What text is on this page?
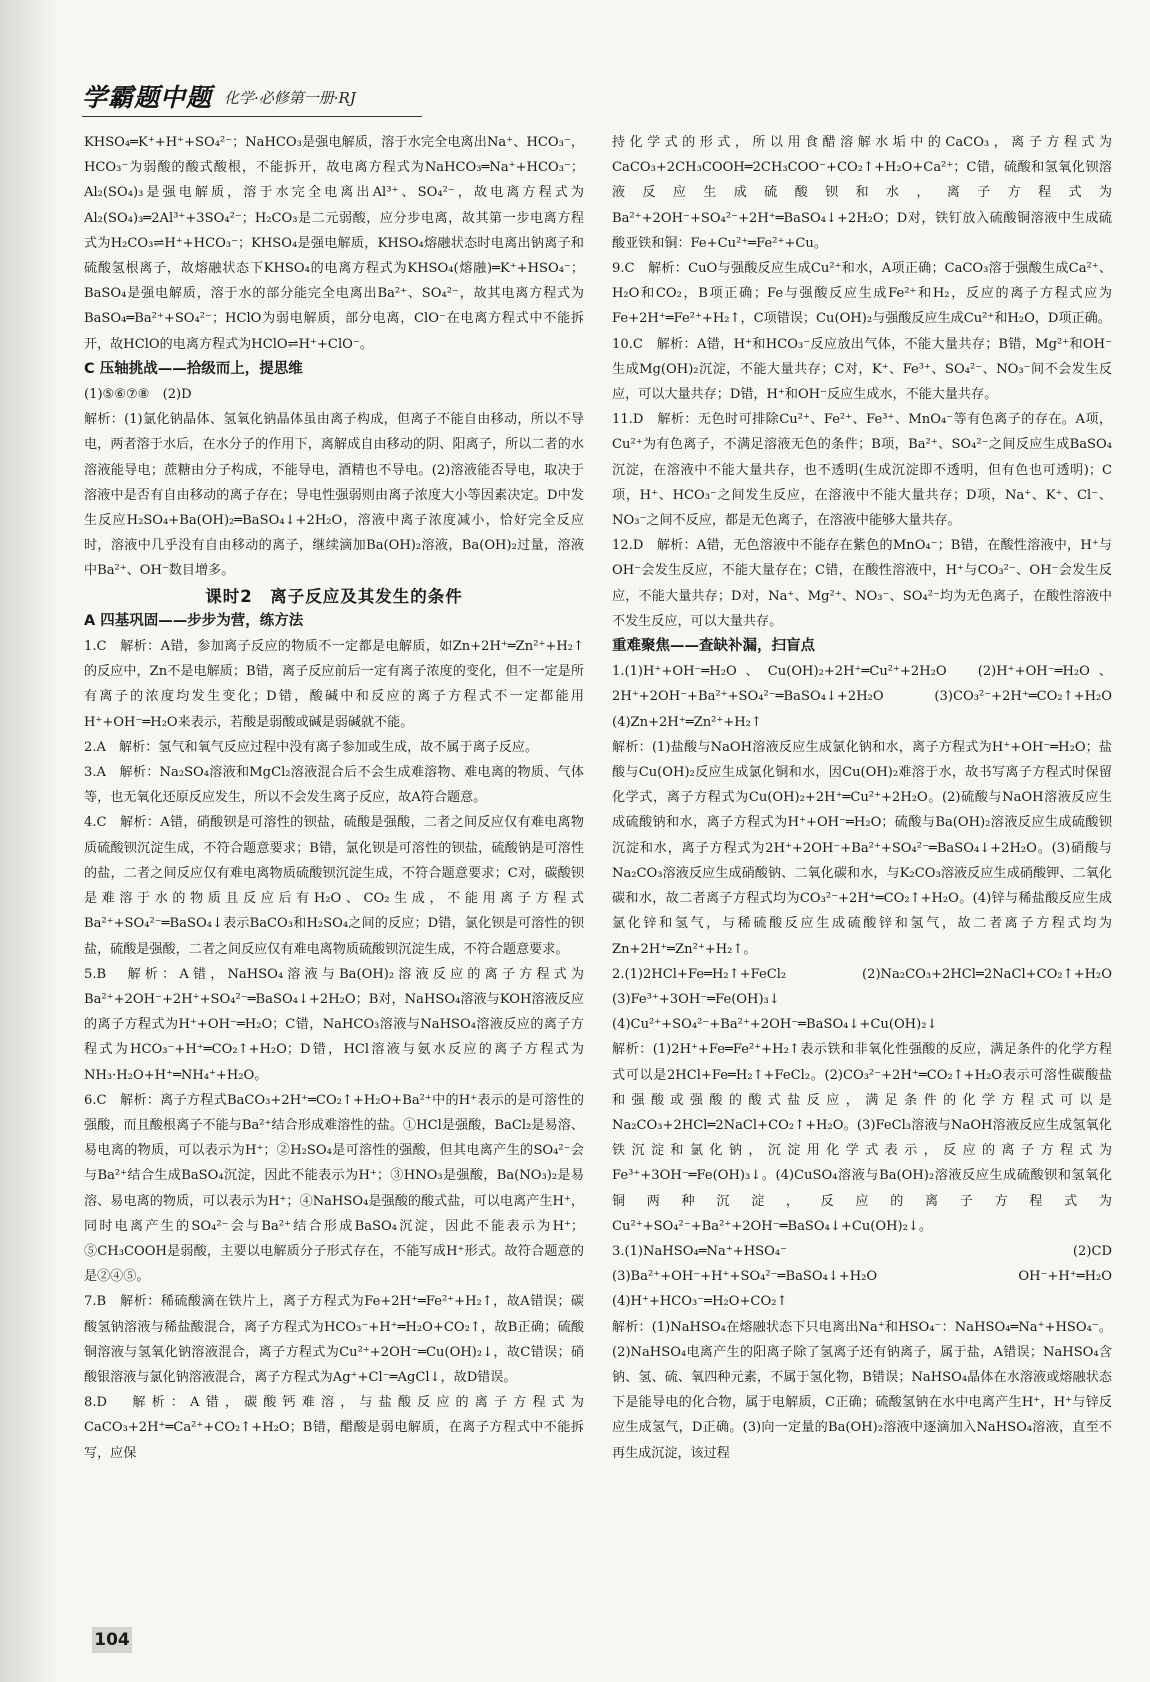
学霸题中题 化学·必修第一册·RJ

KHSO₄═K⁺+H⁺+SO₄²⁻；NaHCO₃是强电解质，溶于水完全电离出Na⁺、HCO₃⁻，HCO₃⁻为弱酸的酸式酸根，不能拆开，故电离方程式为NaHCO₃═Na⁺+HCO₃⁻；Al₂(SO₄)₃是强电解质，溶于水完全电离出Al³⁺、SO₄²⁻，故电离方程式为Al₂(SO₄)₃═2Al³⁺+3SO₄²⁻；H₂CO₃是二元弱酸，应分步电离，故其第一步电离方程式为H₂CO₃⇌H⁺+HCO₃⁻；KHSO₄是强电解质，KHSO₄熔融状态时电离出钠离子和硫酸氢根离子，故熔融状态下KHSO₄的电离方程式为KHSO₄(熔融)═K⁺+HSO₄⁻；BaSO₄是强电解质，溶于水的部分能完全电离出Ba²⁺、SO₄²⁻，故其电离方程式为BaSO₄═Ba²⁺+SO₄²⁻；HClO为弱电解质，部分电离，ClO⁻在电离方程式中不能拆开，故HClO的电离方程式为HClO⇌H⁺+ClO⁻。

C 压轴挑战——拾级而上，提思维

(1)⑤⑥⑦⑧　(2)D

解析：(1)氯化钠晶体、氢氧化钠晶体虽由离子构成，但离子不能自由移动，所以不导电，两者溶于水后，在水分子的作用下，离解成自由移动的阴、阳离子，所以二者的水溶液能导电；蔗糖由分子构成，不能导电，酒精也不导电。(2)溶液能否导电，取决于溶液中是否有自由移动的离子存在；导电性强弱则由离子浓度大小等因素决定。D中发生反应H₂SO₄+Ba(OH)₂═BaSO₄↓+2H₂O，溶液中离子浓度减小，恰好完全反应时，溶液中几乎没有自由移动的离子，继续滴加Ba(OH)₂溶液，Ba(OH)₂过量，溶液中Ba²⁺、OH⁻数目增多。

课时2　离子反应及其发生的条件

A 四基巩固——步步为营，练方法

1.C　解析：A错，参加离子反应的物质不一定都是电解质，如Zn+2H⁺═Zn²⁺+H₂↑的反应中，Zn不是电解质；B错，离子反应前后一定有离子浓度的变化，但不一定是所有离子的浓度均发生变化；D错，酸碱中和反应的离子方程式不一定都能用H⁺+OH⁻═H₂O来表示，若酸是弱酸或碱是弱碱就不能。

2.A　解析：氢气和氧气反应过程中没有离子参加或生成，故不属于离子反应。

3.A　解析：Na₂SO₄溶液和MgCl₂溶液混合后不会生成难溶物、难电离的物质、气体等，也无氧化还原反应发生，所以不会发生离子反应，故A符合题意。

4.C　解析：A错，硝酸钡是可溶性的钡盐，硫酸是强酸，二者之间反应仅有难电离物质硫酸钡沉淀生成，不符合题意要求；B错，氯化钡是可溶性的钡盐，硫酸钠是可溶性的盐，二者之间反应仅有难电离物质硫酸钡沉淀生成，不符合题意要求；C对，碳酸钡是难溶于水的物质且反应后有H₂O、CO₂生成，不能用离子方程式Ba²⁺+SO₄²⁻═BaSO₄↓表示BaCO₃和H₂SO₄之间的反应；D错，氯化钡是可溶性的钡盐，硫酸是强酸，二者之间反应仅有难电离物质硫酸钡沉淀生成，不符合题意要求。

5.B　解析：A错，NaHSO₄溶液与Ba(OH)₂溶液反应的离子方程式为Ba²⁺+2OH⁻+2H⁺+SO₄²⁻═BaSO₄↓+2H₂O；B对，NaHSO₄溶液与KOH溶液反应的离子方程式为H⁺+OH⁻═H₂O；C错，NaHCO₃溶液与NaHSO₄溶液反应的离子方程式为HCO₃⁻+H⁺═CO₂↑+H₂O；D错，HCl溶液与氨水反应的离子方程式为NH₃·H₂O+H⁺═NH₄⁺+H₂O。

6.C　解析：离子方程式BaCO₃+2H⁺═CO₂↑+H₂O+Ba²⁺中的H⁺表示的是可溶性的强酸，而且酸根离子不能与Ba²⁺结合形成难溶性的盐。①HCl是强酸，BaCl₂是易溶、易电离的物质，可以表示为H⁺；②H₂SO₄是可溶性的强酸，但其电离产生的SO₄²⁻会与Ba²⁺结合生成BaSO₄沉淀，因此不能表示为H⁺；③HNO₃是强酸，Ba(NO₃)₂是易溶、易电离的物质，可以表示为H⁺；④NaHSO₄是强酸的酸式盐，可以电离产生H⁺，同时电离产生的SO₄²⁻会与Ba²⁺结合形成BaSO₄沉淀，因此不能表示为H⁺；⑤CH₃COOH是弱酸，主要以电解质分子形式存在，不能写成H⁺形式。故符合题意的是②④⑤。

7.B　解析：稀硫酸滴在铁片上，离子方程式为Fe+2H⁺═Fe²⁺+H₂↑，故A错误；碳酸氢钠溶液与稀盐酸混合，离子方程式为HCO₃⁻+H⁺═H₂O+CO₂↑，故B正确；硫酸铜溶液与氢氧化钠溶液混合，离子方程式为Cu²⁺+2OH⁻═Cu(OH)₂↓，故C错误；硝酸银溶液与氯化钠溶液混合，离子方程式为Ag⁺+Cl⁻═AgCl↓，故D错误。

8.D　解析：A错，碳酸钙难溶，与盐酸反应的离子方程式为CaCO₃+2H⁺═Ca²⁺+CO₂↑+H₂O；B错，醋酸是弱电解质，在离子方程式中不能拆写，应保

持化学式的形式，所以用食醋溶解水垢中的CaCO₃，离子方程式为CaCO₃+2CH₃COOH═2CH₃COO⁻+CO₂↑+H₂O+Ca²⁺；C错，硫酸和氢氧化钡溶液反应生成硫酸钡和水，离子方程式为Ba²⁺+2OH⁻+SO₄²⁻+2H⁺═BaSO₄↓+2H₂O；D对，铁钉放入硫酸铜溶液中生成硫酸亚铁和铜：Fe+Cu²⁺═Fe²⁺+Cu。

9.C　解析：CuO与强酸反应生成Cu²⁺和水，A项正确；CaCO₃溶于强酸生成Ca²⁺、H₂O和CO₂，B项正确；Fe与强酸反应生成Fe²⁺和H₂，反应的离子方程式应为Fe+2H⁺═Fe²⁺+H₂↑，C项错误；Cu(OH)₂与强酸反应生成Cu²⁺和H₂O，D项正确。

10.C　解析：A错，H⁺和HCO₃⁻反应放出气体，不能大量共存；B错，Mg²⁺和OH⁻生成Mg(OH)₂沉淀，不能大量共存；C对，K⁺、Fe³⁺、SO₄²⁻、NO₃⁻间不会发生反应，可以大量共存；D错，H⁺和OH⁻反应生成水，不能大量共存。

11.D　解析：无色时可排除Cu²⁺、Fe²⁺、Fe³⁺、MnO₄⁻等有色离子的存在。A项，Cu²⁺为有色离子，不满足溶液无色的条件；B项，Ba²⁺、SO₄²⁻之间反应生成BaSO₄沉淀，在溶液中不能大量共存，也不透明(生成沉淀即不透明，但有色也可透明)；C项，H⁺、HCO₃⁻之间发生反应，在溶液中不能大量共存；D项，Na⁺、K⁺、Cl⁻、NO₃⁻之间不反应，都是无色离子，在溶液中能够大量共存。

12.D　解析：A错，无色溶液中不能存在紫色的MnO₄⁻；B错，在酸性溶液中，H⁺与OH⁻会发生反应，不能大量存在；C错，在酸性溶液中，H⁺与CO₃²⁻、OH⁻会发生反应，不能大量共存；D对，Na⁺、Mg²⁺、NO₃⁻、SO₄²⁻均为无色离子，在酸性溶液中不发生反应，可以大量共存。

重难聚焦——查缺补漏，扫盲点

1.(1)H⁺+OH⁻═H₂O、Cu(OH)₂+2H⁺═Cu²⁺+2H₂O　(2)H⁺+OH⁻═H₂O、2H⁺+2OH⁻+Ba²⁺+SO₄²⁻═BaSO₄↓+2H₂O　(3)CO₃²⁻+2H⁺═CO₂↑+H₂O　(4)Zn+2H⁺═Zn²⁺+H₂↑

解析：(1)盐酸与NaOH溶液反应生成氯化钠和水，离子方程式为H⁺+OH⁻═H₂O；盐酸与Cu(OH)₂反应生成氯化铜和水，因Cu(OH)₂难溶于水，故书写离子方程式时保留化学式，离子方程式为Cu(OH)₂+2H⁺═Cu²⁺+2H₂O。(2)硫酸与NaOH溶液反应生成硫酸钠和水，离子方程式为H⁺+OH⁻═H₂O；硫酸与Ba(OH)₂溶液反应生成硫酸钡沉淀和水，离子方程式为2H⁺+2OH⁻+Ba²⁺+SO₄²⁻═BaSO₄↓+2H₂O。(3)硝酸与Na₂CO₃溶液反应生成硝酸钠、二氧化碳和水，与K₂CO₃溶液反应生成硝酸钾、二氧化碳和水，故二者离子方程式均为CO₃²⁻+2H⁺═CO₂↑+H₂O。(4)锌与稀盐酸反应生成氯化锌和氢气，与稀硫酸反应生成硫酸锌和氢气，故二者离子方程式均为Zn+2H⁺═Zn²⁺+H₂↑。

2.(1)2HCl+Fe═H₂↑+FeCl₂　(2)Na₂CO₃+2HCl═2NaCl+CO₂↑+H₂O　(3)Fe³⁺+3OH⁻═Fe(OH)₃↓　(4)Cu²⁺+SO₄²⁻+Ba²⁺+2OH⁻═BaSO₄↓+Cu(OH)₂↓

解析：(1)2H⁺+Fe═Fe²⁺+H₂↑表示铁和非氧化性强酸的反应，满足条件的化学方程式可以是2HCl+Fe═H₂↑+FeCl₂。(2)CO₃²⁻+2H⁺═CO₂↑+H₂O表示可溶性碳酸盐和强酸或强酸的酸式盐反应，满足条件的化学方程式可以是Na₂CO₃+2HCl═2NaCl+CO₂↑+H₂O。(3)FeCl₃溶液与NaOH溶液反应生成氢氧化铁沉淀和氯化钠，沉淀用化学式表示，反应的离子方程式为Fe³⁺+3OH⁻═Fe(OH)₃↓。(4)CuSO₄溶液与Ba(OH)₂溶液反应生成硫酸钡和氢氧化铜两种沉淀，反应的离子方程式为Cu²⁺+SO₄²⁻+Ba²⁺+2OH⁻═BaSO₄↓+Cu(OH)₂↓。

3.(1)NaHSO₄═Na⁺+HSO₄⁻　(2)CD　(3)Ba²⁺+OH⁻+H⁺+SO₄²⁻═BaSO₄↓+H₂O　OH⁻+H⁺═H₂O　(4)H⁺+HCO₃⁻═H₂O+CO₂↑

解析：(1)NaHSO₄在熔融状态下只电离出Na⁺和HSO₄⁻：NaHSO₄═Na⁺+HSO₄⁻。(2)NaHSO₄电离产生的阳离子除了氢离子还有钠离子，属于盐，A错误；NaHSO₄含钠、氢、硫、氧四种元素，不属于氢化物，B错误；NaHSO₄晶体在水溶液或熔融状态下是能导电的化合物，属于电解质，C正确；硫酸氢钠在水中电离产生H⁺，H⁺与锌反应生成氢气，D正确。(3)向一定量的Ba(OH)₂溶液中逐滴加入NaHSO₄溶液，直至不再生成沉淀，该过程

104
